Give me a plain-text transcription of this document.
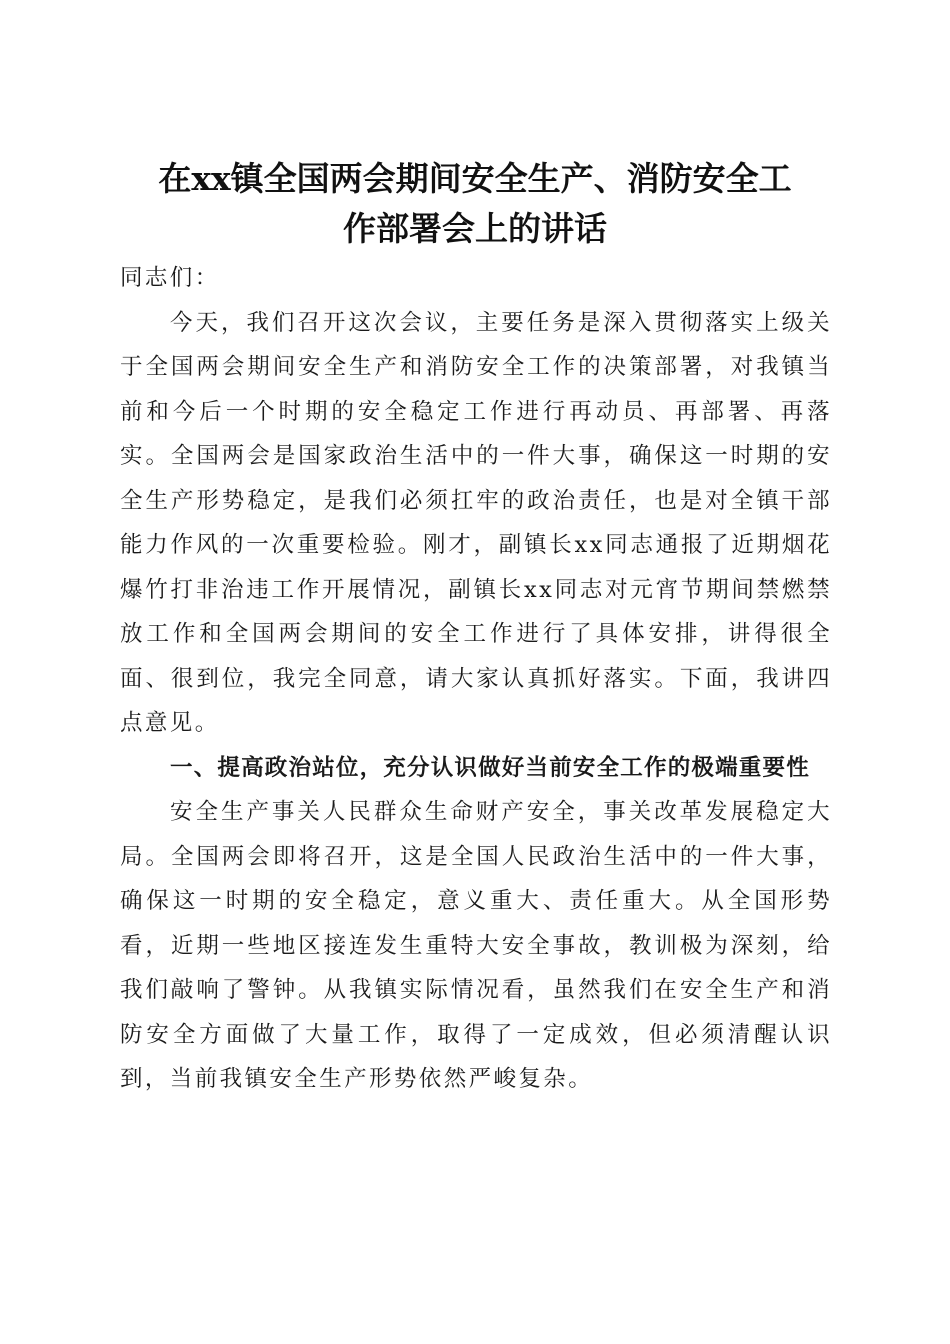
在xx镇全国两会期间安全生产、消防安全工
作部署会上的讲话

同志们：

今天，我们召开这次会议，主要任务是深入贯彻落实上级关于全国两会期间安全生产和消防安全工作的决策部署，对我镇当前和今后一个时期的安全稳定工作进行再动员、再部署、再落实。全国两会是国家政治生活中的一件大事，确保这一时期的安全生产形势稳定，是我们必须扛牢的政治责任，也是对全镇干部能力作风的一次重要检验。刚才，副镇长xx同志通报了近期烟花爆竹打非治违工作开展情况，副镇长xx同志对元宵节期间禁燃禁放工作和全国两会期间的安全工作进行了具体安排，讲得很全面、很到位，我完全同意，请大家认真抓好落实。下面，我讲四点意见。

一、提高政治站位，充分认识做好当前安全工作的极端重要性

安全生产事关人民群众生命财产安全，事关改革发展稳定大局。全国两会即将召开，这是全国人民政治生活中的一件大事，确保这一时期的安全稳定，意义重大、责任重大。从全国形势看，近期一些地区接连发生重特大安全事故，教训极为深刻，给我们敲响了警钟。从我镇实际情况看，虽然我们在安全生产和消防安全方面做了大量工作，取得了一定成效，但必须清醒认识到，当前我镇安全生产形势依然严峻复杂。
